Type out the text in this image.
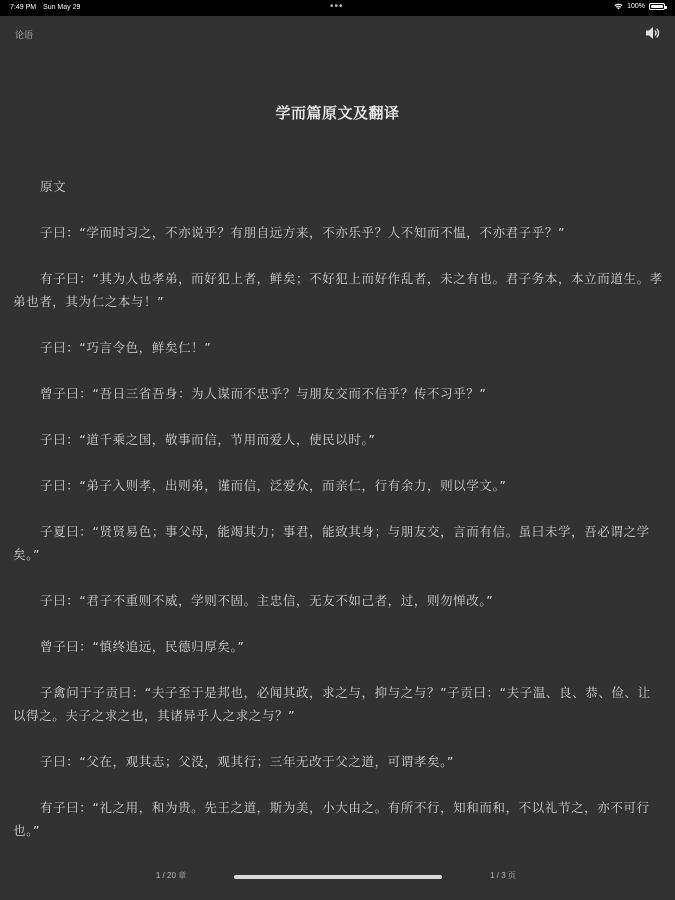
7:49 PM Sun May 29	•••	100%
论语
学而篇原文及翻译

原文

子曰：“学而时习之，不亦说乎？有朋自远方来，不亦乐乎？人不知而不愠，不亦君子乎？”

有子曰：“其为人也孝弟，而好犯上者，鲜矣；不好犯上而好作乱者，未之有也。君子务本，本立而道生。孝弟也者，其为仁之本与！”

子曰：“巧言令色，鲜矣仁！”

曾子曰：“吾日三省吾身：为人谋而不忠乎？与朋友交而不信乎？传不习乎？”

子曰：“道千乘之国，敬事而信，节用而爱人，使民以时。”

子曰：“弟子入则孝，出则弟，谨而信，泛爱众，而亲仁，行有余力，则以学文。”

子夏曰：“贤贤易色；事父母，能竭其力；事君，能致其身；与朋友交，言而有信。虽曰未学，吾必谓之学矣。”

子曰：“君子不重则不威，学则不固。主忠信，无友不如己者，过，则勿惮改。”

曾子曰：“慎终追远，民德归厚矣。”

子禽问于子贡曰：“夫子至于是邦也，必闻其政，求之与，抑与之与？”子贡曰：“夫子温、良、恭、俭、让以得之。夫子之求之也，其诸异乎人之求之与？”

子曰：“父在，观其志；父没，观其行；三年无改于父之道，可谓孝矣。”

有子曰：“礼之用，和为贵。先王之道，斯为美，小大由之。有所不行，知和而和，不以礼节之，亦不可行也。”

1 / 20 章	1 / 3 页
